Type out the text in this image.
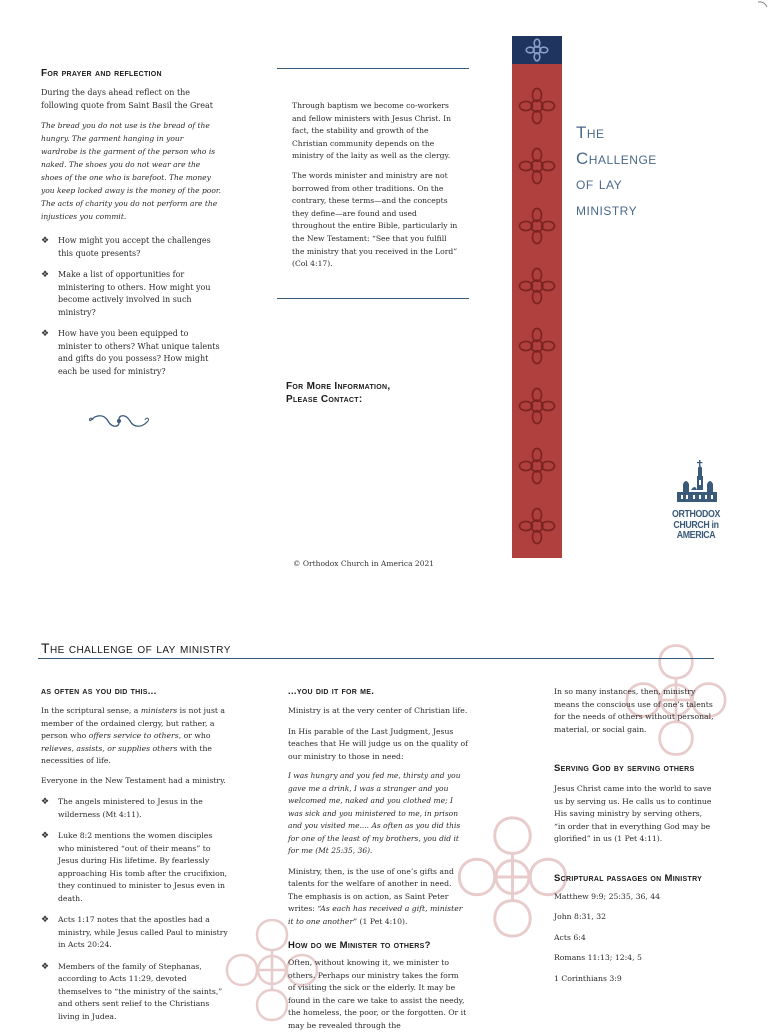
For prayer and reflection

During the days ahead reflect on the following quote from Saint Basil the Great

The bread you do not use is the bread of the hungry. The garment hanging in your wardrobe is the garment of the person who is naked. The shoes you do not wear are the shoes of the one who is barefoot. The money you keep locked away is the money of the poor. The acts of charity you do not perform are the injustices you commit.

❖ How might you accept the challenges this quote presents?
❖ Make a list of opportunities for ministering to others. How might you become actively involved in such ministry?
❖ How have you been equipped to minister to others? What unique talents and gifts do you possess? How might each be used for ministry?

Through baptism we become co-workers and fellow ministers with Jesus Christ. In fact, the stability and growth of the Christian community depends on the ministry of the laity as well as the clergy.

The words minister and ministry are not borrowed from other traditions. On the contrary, these terms—and the concepts they define—are found and used throughout the entire Bible, particularly in the New Testament: “See that you fulfill the ministry that you received in the Lord” (Col 4:17).

For More Information,
Please Contact:
© Orthodox Church in America 2021
The
Challenge
of lay
ministry
ORTHODOX
CHURCH in
AMERICA
The challenge of lay ministry
as often as you did this...

In the scriptural sense, a ministers is not just a member of the ordained clergy, but rather, a person who offers service to others, or who relieves, assists, or supplies others with the necessities of life.

Everyone in the New Testament had a ministry.

❖ The angels ministered to Jesus in the wilderness (Mt 4:11).
❖ Luke 8:2 mentions the women disciples who ministered “out of their means” to Jesus during His lifetime. By fearlessly approaching His tomb after the crucifixion, they continued to minister to Jesus even in death.
❖ Acts 1:17 notes that the apostles had a ministry, while Jesus called Paul to ministry in Acts 20:24.
❖ Members of the family of Stephanas, according to Acts 11:29, devoted themselves to “the ministry of the saints,” and others sent relief to the Christians living in Judea.
...you did it for me.

Ministry is at the very center of Christian life.

In His parable of the Last Judgment, Jesus teaches that He will judge us on the quality of our ministry to those in need:

I was hungry and you fed me, thirsty and you gave me a drink, I was a stranger and you welcomed me, naked and you clothed me; I was sick and you ministered to me, in prison and you visited me.... As often as you did this for one of the least of my brothers, you did it for me (Mt 25:35, 36).

Ministry, then, is the use of one’s gifts and talents for the welfare of another in need. The emphasis is on action, as Saint Peter writes: “As each has received a gift, minister it to one another” (1 Pet 4:10).

How do we Minister to others?

Often, without knowing it, we minister to others. Perhaps our ministry takes the form of visiting the sick or the elderly. It may be found in the care we take to assist the needy, the homeless, the poor, or the forgotten. Or it may be revealed through the

In so many instances, then, ministry means the conscious use of one’s talents for the needs of others without personal, material, or social gain.

Serving God by serving others

Jesus Christ came into the world to save us by serving us. He calls us to continue His saving ministry by serving others, “in order that in everything God may be glorified” in us (1 Pet 4:11).

Scriptural passages on Ministry
Matthew 9:9; 25:35, 36, 44
John 8:31, 32
Acts 6:4
Romans 11:13; 12:4, 5
1 Corinthians 3:9
